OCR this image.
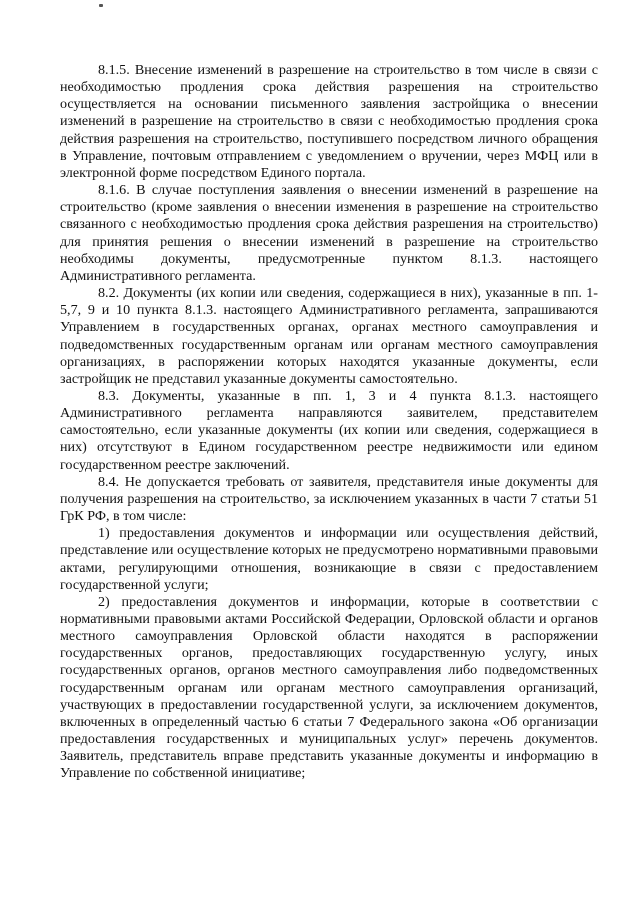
8.1.5. Внесение изменений в разрешение на строительство в том числе в связи с необходимостью продления срока действия разрешения на строительство осуществляется на основании письменного заявления застройщика о внесении изменений в разрешение на строительство в связи с необходимостью продления срока действия разрешения на строительство, поступившего посредством личного обращения в Управление, почтовым отправлением с уведомлением о вручении, через МФЦ или в электронной форме посредством Единого портала.

8.1.6. В случае поступления заявления о внесении изменений в разрешение на строительство (кроме заявления о внесении изменения в разрешение на строительство связанного с необходимостью продления срока действия разрешения на строительство) для принятия решения о внесении изменений в разрешение на строительство необходимы документы, предусмотренные пунктом 8.1.3. настоящего Административного регламента.

8.2. Документы (их копии или сведения, содержащиеся в них), указанные в пп. 1-5,7, 9 и 10 пункта 8.1.3. настоящего Административного регламента, запрашиваются Управлением в государственных органах, органах местного самоуправления и подведомственных государственным органам или органам местного самоуправления организациях, в распоряжении которых находятся указанные документы, если застройщик не представил указанные документы самостоятельно.

8.3. Документы, указанные в пп. 1, 3 и 4 пункта 8.1.3. настоящего Административного регламента направляются заявителем, представителем самостоятельно, если указанные документы (их копии или сведения, содержащиеся в них) отсутствуют в Едином государственном реестре недвижимости или едином государственном реестре заключений.

8.4. Не допускается требовать от заявителя, представителя иные документы для получения разрешения на строительство, за исключением указанных в части 7 статьи 51 ГрК РФ, в том числе:

1) предоставления документов и информации или осуществления действий, представление или осуществление которых не предусмотрено нормативными правовыми актами, регулирующими отношения, возникающие в связи с предоставлением государственной услуги;

2) предоставления документов и информации, которые в соответствии с нормативными правовыми актами Российской Федерации, Орловской области и органов местного самоуправления Орловской области находятся в распоряжении государственных органов, предоставляющих государственную услугу, иных государственных органов, органов местного самоуправления либо подведомственных государственным органам или органам местного самоуправления организаций, участвующих в предоставлении государственной услуги, за исключением документов, включенных в определенный частью 6 статьи 7 Федерального закона «Об организации предоставления государственных и муниципальных услуг» перечень документов. Заявитель, представитель вправе представить указанные документы и информацию в Управление по собственной инициативе;
